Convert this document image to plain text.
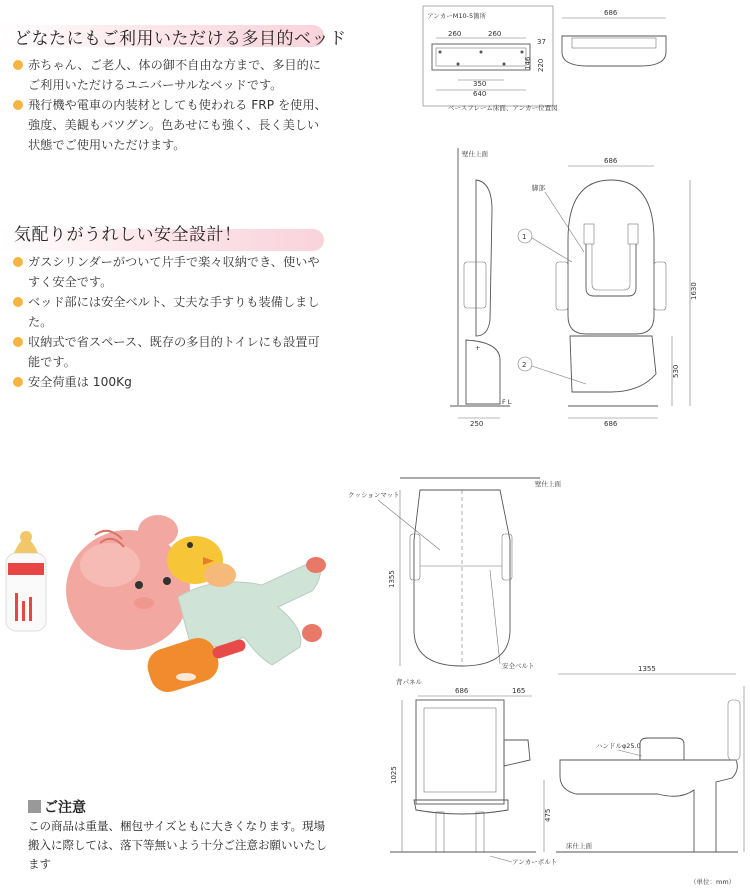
どなたにもご利用いただける多目的ベッド
赤ちゃん、ご老人、体の御不自由な方まで、多目的にご利用いただけるユニバーサルなベッドです。
飛行機や電車の内装材としても使われる FRP を使用、強度、美観もバツグン。色あせにも強く、長く美しい状態でご使用いただけます。
気配りがうれしい安全設計！
ガスシリンダーがついて片手で楽々収納でき、使いやすく安全です。
ベッド部には安全ベルト、丈夫な手すりも装備しました。
収納式で省スペース、既存の多目的トイレにも設置可能です。
安全荷重は 100Kg
ご注意

この商品は重量、梱包サイズともに大きくなります。現場搬入に際しては、落下等無いよう十分ご注意お願いいたします

アンカーM10-5箇所
260	260
37
146 220
350
640
ベースフレーム床面、アンカー位置図
686
壁仕上面
+
F L
250
686
脚部
1
2
1630
530
686
壁仕上面
クッションマット
1355
安全ベルト
背パネル
686	165
1025
475
床仕上面
アンカーボルト
1355
ハンドルφ25.0
（単位：mm）
